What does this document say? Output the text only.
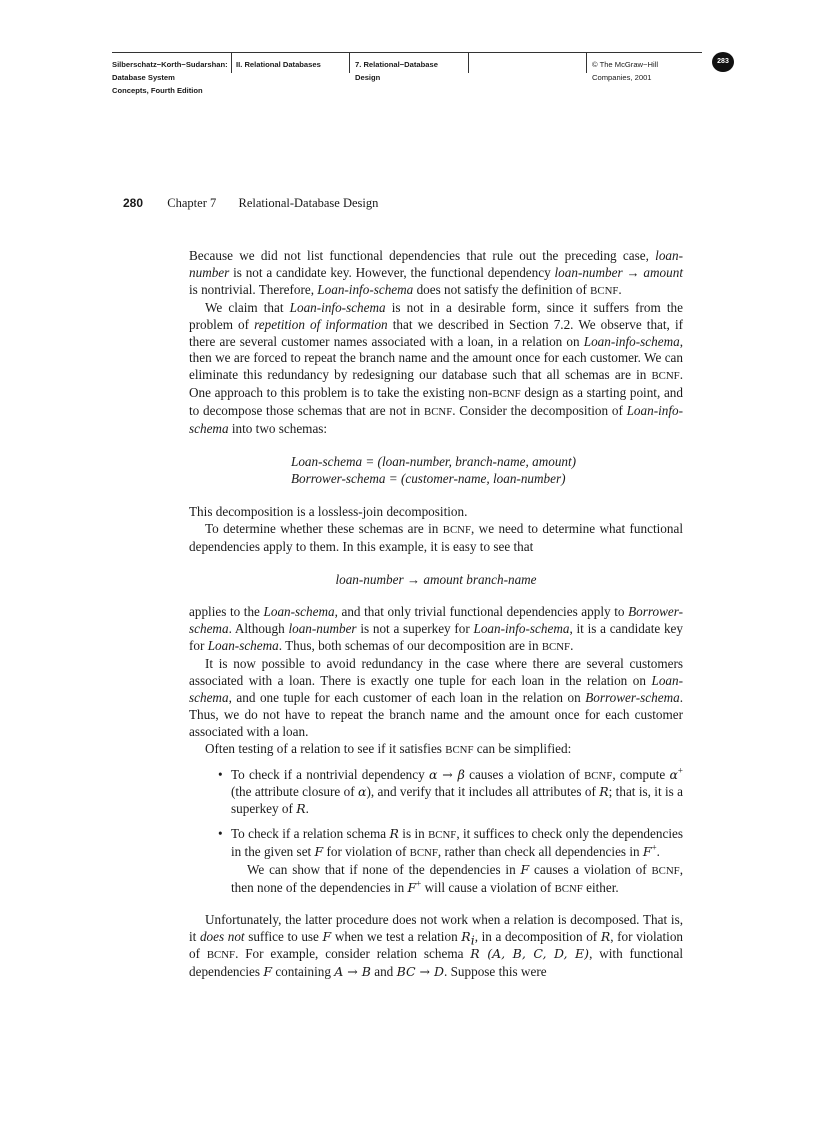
Silberschatz−Korth−Sudarshan:
Database System
Concepts, Fourth Edition
II. Relational Databases	7. Relational−Database
Design
© The McGraw−Hill
Companies, 2001
283
280 Chapter 7 Relational-Database Design

Because we did not list functional dependencies that rule out the preceding case, loan-number is not a candidate key. However, the functional dependency loan-number → amount is nontrivial. Therefore, Loan-info-schema does not satisfy the definition of BCNF.

We claim that Loan-info-schema is not in a desirable form, since it suffers from the problem of repetition of information that we described in Section 7.2. We observe that, if there are several customer names associated with a loan, in a relation on Loan-info-schema, then we are forced to repeat the branch name and the amount once for each customer. We can eliminate this redundancy by redesigning our database such that all schemas are in BCNF. One approach to this problem is to take the existing non-BCNF design as a starting point, and to decompose those schemas that are not in BCNF. Consider the decomposition of Loan-info-schema into two schemas:

Loan-schema = (loan-number, branch-name, amount)
Borrower-schema = (customer-name, loan-number)

This decomposition is a lossless-join decomposition.

To determine whether these schemas are in BCNF, we need to determine what functional dependencies apply to them. In this example, it is easy to see that

loan-number → amount branch-name

applies to the Loan-schema, and that only trivial functional dependencies apply to Borrower-schema. Although loan-number is not a superkey for Loan-info-schema, it is a candidate key for Loan-schema. Thus, both schemas of our decomposition are in BCNF.

It is now possible to avoid redundancy in the case where there are several customers associated with a loan. There is exactly one tuple for each loan in the relation on Loan-schema, and one tuple for each customer of each loan in the relation on Borrower-schema. Thus, we do not have to repeat the branch name and the amount once for each customer associated with a loan.

Often testing of a relation to see if it satisfies BCNF can be simplified:

• To check if a nontrivial dependency α → β causes a violation of BCNF, compute α+ (the attribute closure of α), and verify that it includes all attributes of R; that is, it is a superkey of R.

• To check if a relation schema R is in BCNF, it suffices to check only the dependencies in the given set F for violation of BCNF, rather than check all dependencies in F+.

We can show that if none of the dependencies in F causes a violation of BCNF, then none of the dependencies in F+ will cause a violation of BCNF either.

Unfortunately, the latter procedure does not work when a relation is decomposed. That is, it does not suffice to use F when we test a relation $R_i$, in a decomposition of R, for violation of BCNF. For example, consider relation schema R (A, B, C, D, E), with functional dependencies F containing A → B and BC → D. Suppose this were
